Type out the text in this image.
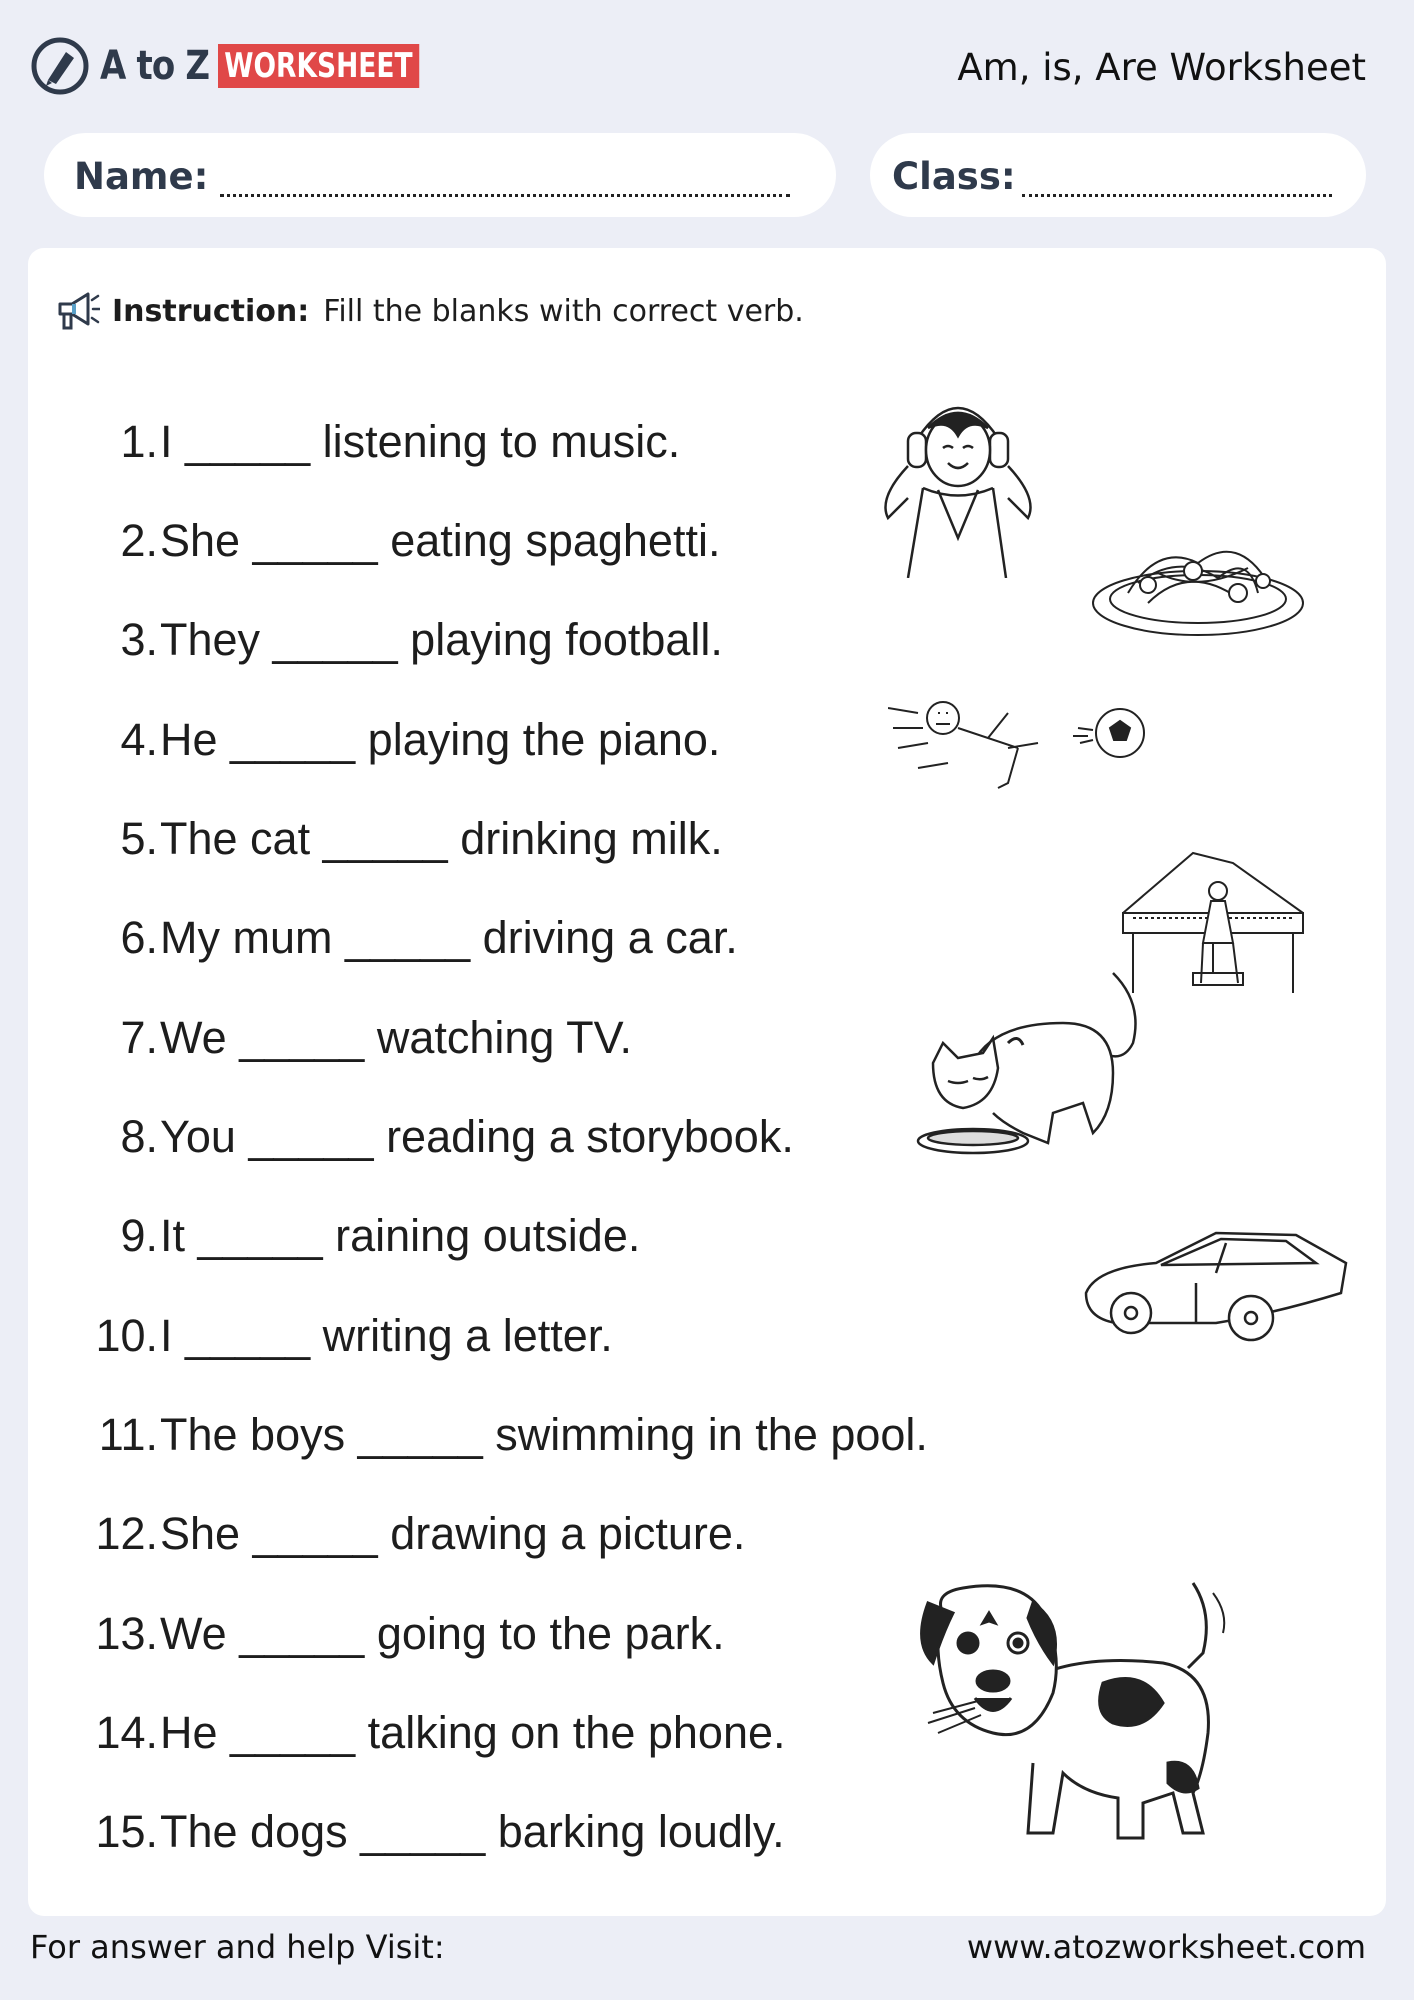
A to Z WORKSHEET	Am, is, Are Worksheet
Name:	Class:
Instruction: Fill the blanks with correct verb.
1. I _____ listening to music.
2. She _____ eating spaghetti.
3. They _____ playing football.
4. He _____ playing the piano.
5. The cat _____ drinking milk.
6. My mum _____ driving a car.
7. We _____ watching TV.
8. You _____ reading a storybook.
9. It _____ raining outside.
10. I _____ writing a letter.
11. The boys _____ swimming in the pool.
12. She _____ drawing a picture.
13. We _____ going to the park.
14. He _____ talking on the phone.
15. The dogs _____ barking loudly.
For answer and help Visit:	www.atozworksheet.com
